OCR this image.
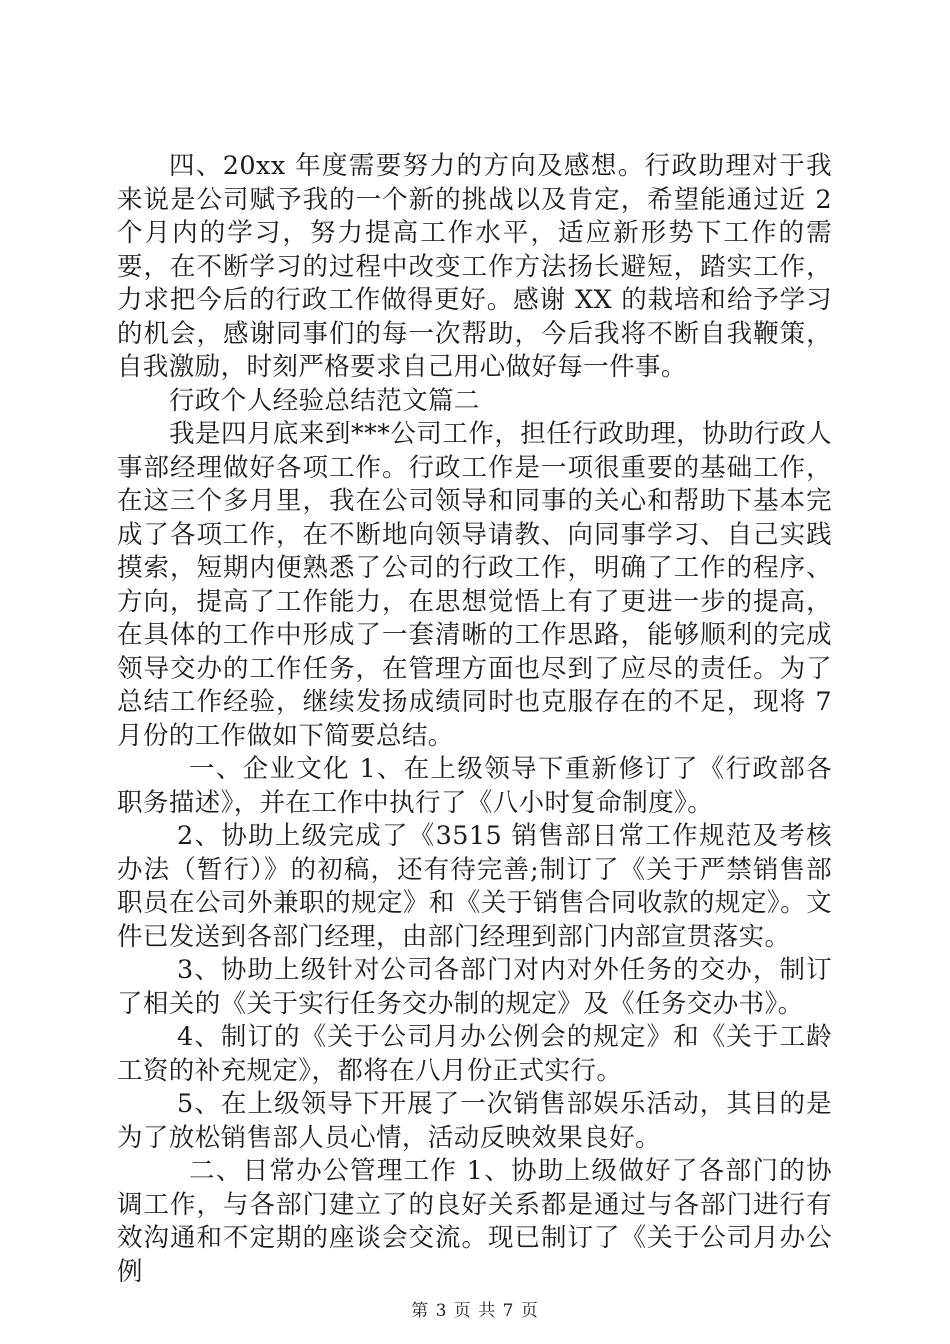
四、20xx 年度需要努力的方向及感想。行政助理对于我来说是公司赋予我的一个新的挑战以及肯定，希望能通过近 2 个月内的学习，努力提高工作水平，适应新形势下工作的需要，在不断学习的过程中改变工作方法扬长避短，踏实工作，力求把今后的行政工作做得更好。感谢 XX 的栽培和给予学习的机会，感谢同事们的每一次帮助，今后我将不断自我鞭策，自我激励，时刻严格要求自己用心做好每一件事。

行政个人经验总结范文篇二

我是四月底来到***公司工作，担任行政助理，协助行政人事部经理做好各项工作。行政工作是一项很重要的基础工作，在这三个多月里，我在公司领导和同事的关心和帮助下基本完成了各项工作，在不断地向领导请教、向同事学习、自己实践摸索，短期内便熟悉了公司的行政工作，明确了工作的程序、方向，提高了工作能力，在思想觉悟上有了更进一步的提高，在具体的工作中形成了一套清晰的工作思路，能够顺利的完成领导交办的工作任务，在管理方面也尽到了应尽的责任。为了总结工作经验，继续发扬成绩同时也克服存在的不足，现将 7 月份的工作做如下简要总结。

一、企业文化 1、在上级领导下重新修订了《行政部各职务描述》，并在工作中执行了《八小时复命制度》。

2、协助上级完成了《3515 销售部日常工作规范及考核办法（暂行）》的初稿，还有待完善;制订了《关于严禁销售部职员在公司外兼职的规定》和《关于销售合同收款的规定》。文件已发送到各部门经理，由部门经理到部门内部宣贯落实。

3、协助上级针对公司各部门对内对外任务的交办，制订了相关的《关于实行任务交办制的规定》及《任务交办书》。

4、制订的《关于公司月办公例会的规定》和《关于工龄工资的补充规定》，都将在八月份正式实行。

5、在上级领导下开展了一次销售部娱乐活动，其目的是为了放松销售部人员心情，活动反映效果良好。

二、日常办公管理工作 1、协助上级做好了各部门的协调工作，与各部门建立了的良好关系都是通过与各部门进行有效沟通和不定期的座谈会交流。现已制订了《关于公司月办公例

第 3 页 共 7 页
